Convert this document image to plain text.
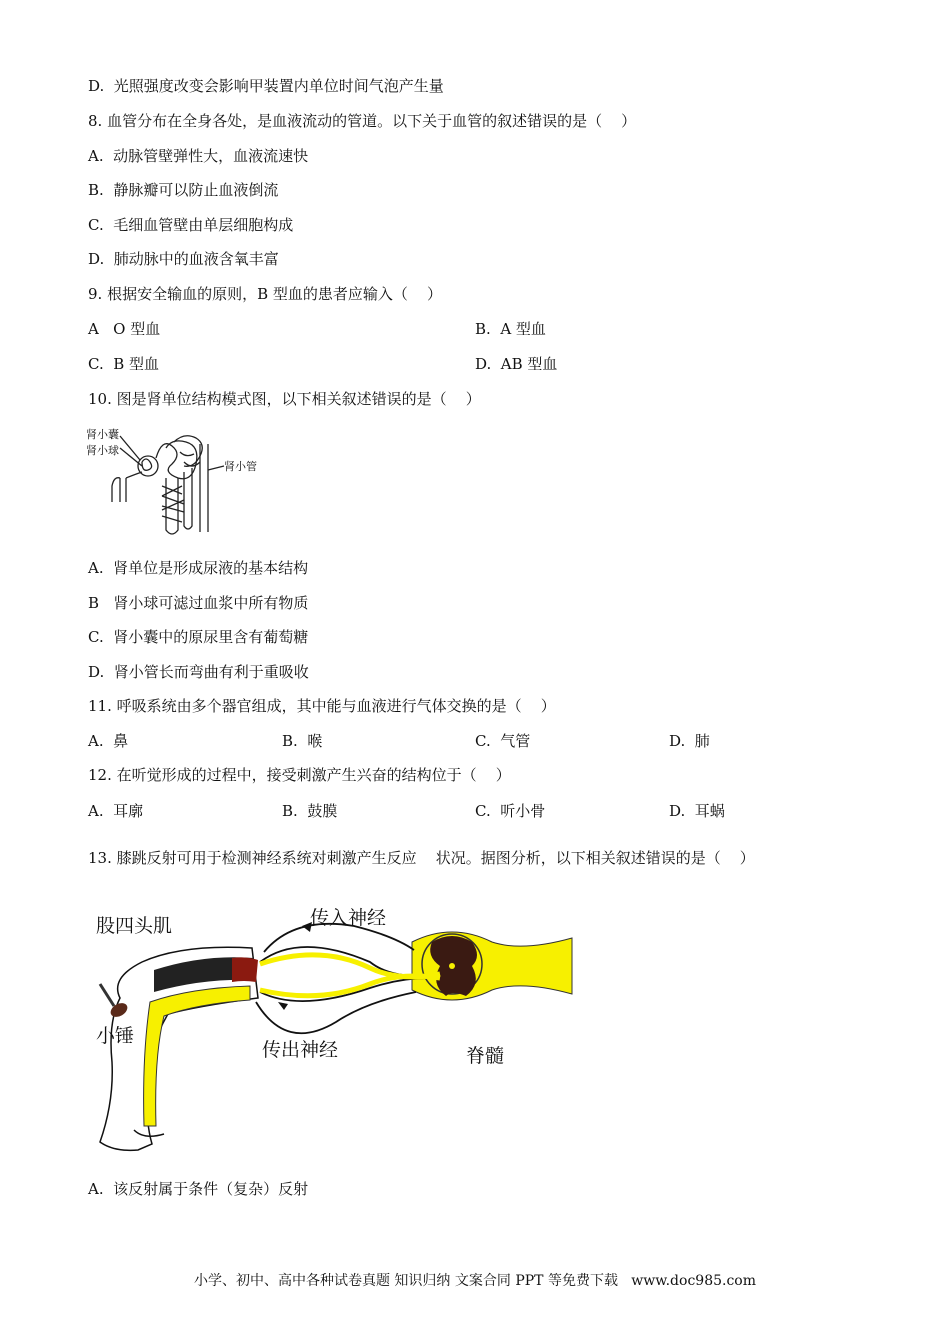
D.  光照强度改变会影响甲装置内单位时间气泡产生量
8. 血管分布在全身各处，是血液流动的管道。以下关于血管的叙述错误的是（    ）
A.  动脉管壁弹性大，血液流速快
B.  静脉瓣可以防止血液倒流
C.  毛细血管壁由单层细胞构成
D.  肺动脉中的血液含氧丰富
9. 根据安全输血的原则，B 型血的患者应输入（    ）
A   O 型血	B.  A 型血
C.  B 型血	D.  AB 型血
10. 图是肾单位结构模式图，以下相关叙述错误的是（    ）
肾小囊
肾小球
肾小管
A.  肾单位是形成尿液的基本结构
B   肾小球可滤过血浆中所有物质
C.  肾小囊中的原尿里含有葡萄糖
D.  肾小管长而弯曲有利于重吸收
11. 呼吸系统由多个器官组成，其中能与血液进行气体交换的是（    ）
A.  鼻	B.  喉	C.  气管	D.  肺
12. 在听觉形成的过程中，接受刺激产生兴奋的结构位于（    ）
A.  耳廓	B.  鼓膜	C.  听小骨	D.  耳蜗
13. 膝跳反射可用于检测神经系统对刺激产生反应    状况。据图分析，以下相关叙述错误的是（    ）
股四头肌	传入神经
小锤
传出神经	脊髓
A.  该反射属于条件（复杂）反射
小学、初中、高中各种试卷真题 知识归纳 文案合同 PPT 等免费下载   www.doc985.com
